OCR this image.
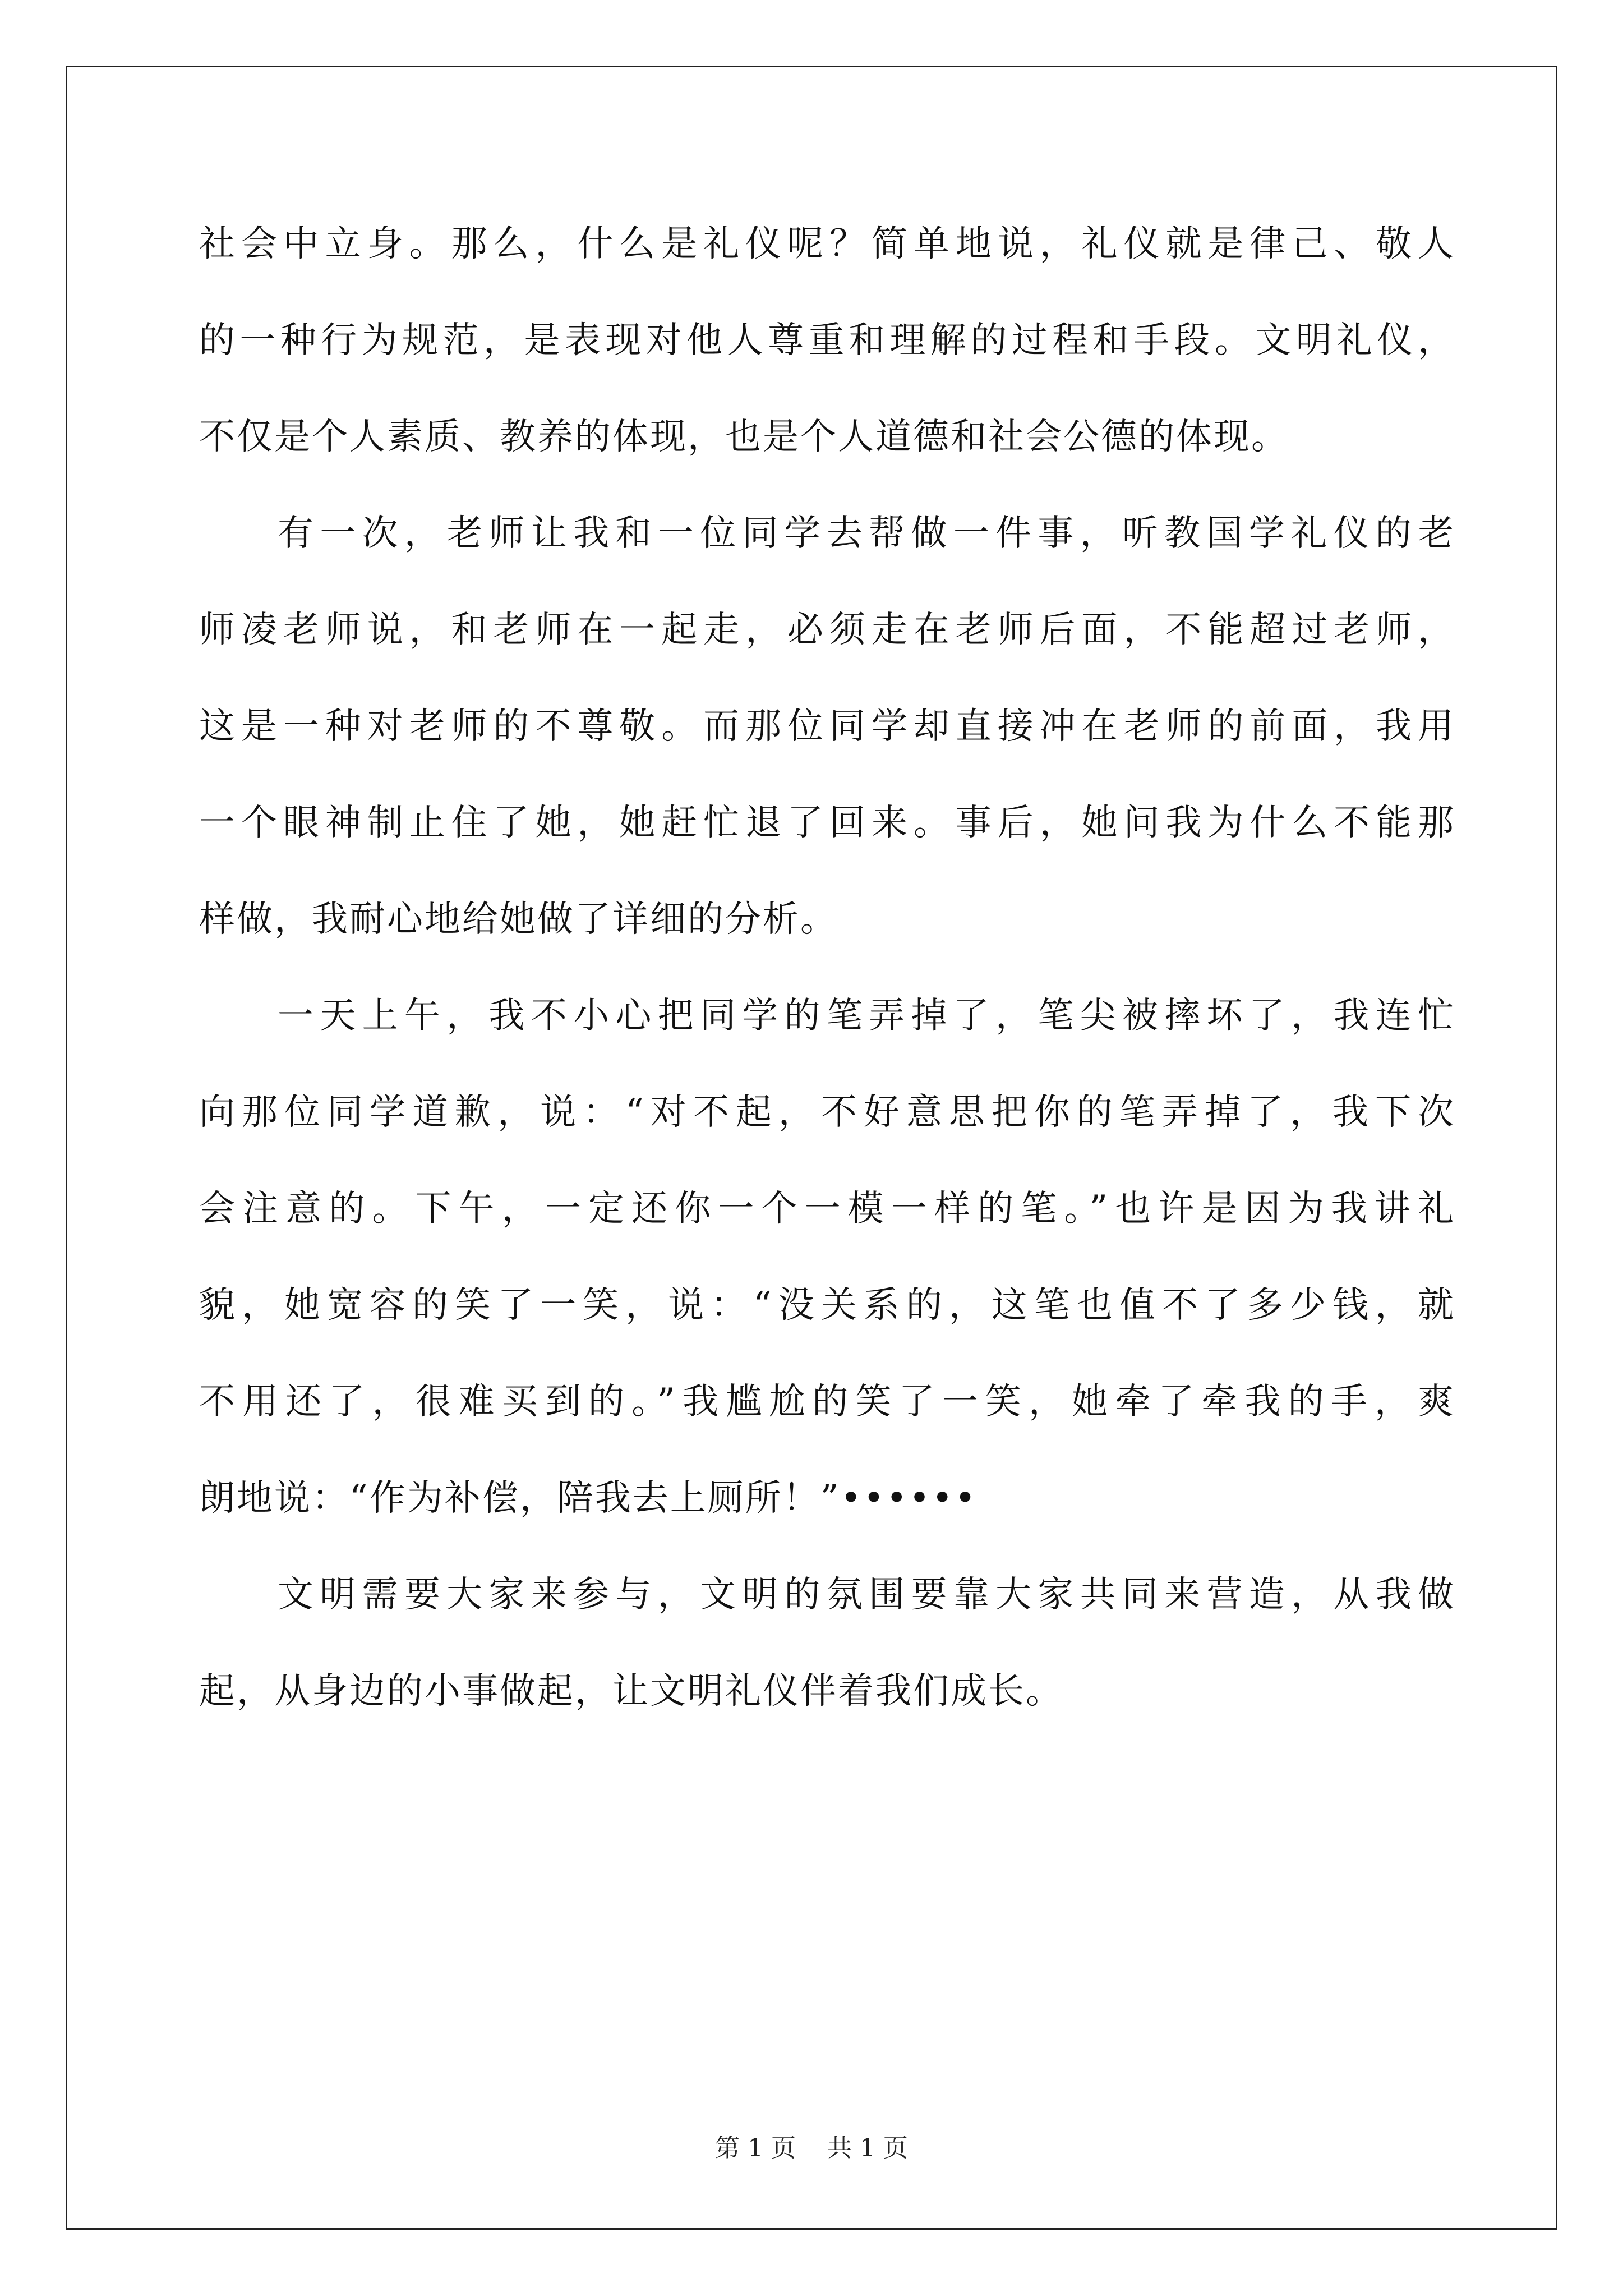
社会中立身。那么，什么是礼仪呢？简单地说，礼仪就是律己、敬人
的一种行为规范，是表现对他人尊重和理解的过程和手段。文明礼仪，
不仅是个人素质、教养的体现，也是个人道德和社会公德的体现。
有一次，老师让我和一位同学去帮做一件事，听教国学礼仪的老
师凌老师说，和老师在一起走，必须走在老师后面，不能超过老师，
这是一种对老师的不尊敬。而那位同学却直接冲在老师的前面，我用
一个眼神制止住了她，她赶忙退了回来。事后，她问我为什么不能那
样做，我耐心地给她做了详细的分析。
一天上午，我不小心把同学的笔弄掉了，笔尖被摔坏了，我连忙
向那位同学道歉，说：“对不起，不好意思把你的笔弄掉了，我下次
会注意的。下午，一定还你一个一模一样的笔。”也许是因为我讲礼
貌，她宽容的笑了一笑，说：“没关系的，这笔也值不了多少钱，就
不用还了，很难买到的。”我尴尬的笑了一笑，她牵了牵我的手，爽
朗地说：“作为补偿，陪我去上厕所！”••••••
文明需要大家来参与，文明的氛围要靠大家共同来营造，从我做
起，从身边的小事做起，让文明礼仪伴着我们成长。
第 1 页    共 1 页
